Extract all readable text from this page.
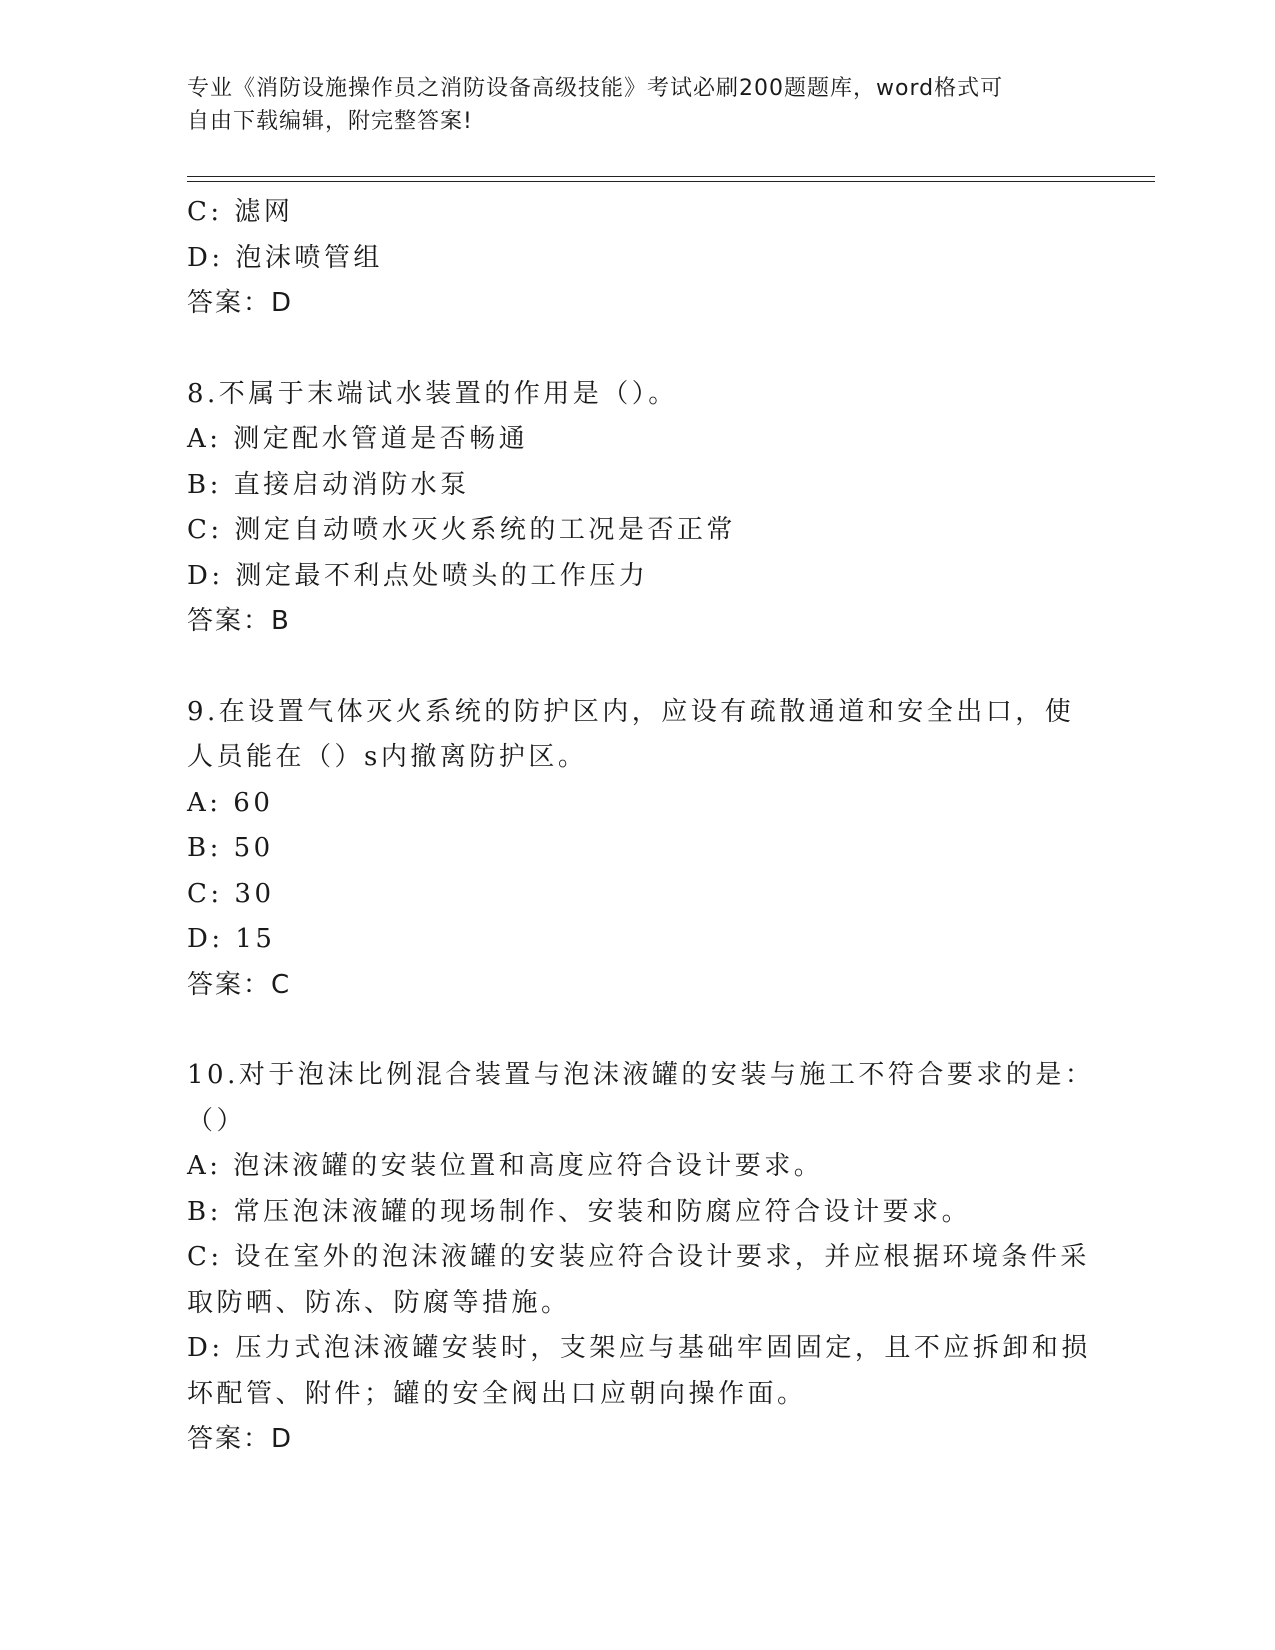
专业《消防设施操作员之消防设备高级技能》考试必刷200题题库，word格式可
自由下载编辑，附完整答案!
C: 滤网
D: 泡沫喷管组
答案：D
8.不属于末端试水装置的作用是（）。
A: 测定配水管道是否畅通
B: 直接启动消防水泵
C: 测定自动喷水灭火系统的工况是否正常
D: 测定最不利点处喷头的工作压力
答案：B
9.在设置气体灭火系统的防护区内，应设有疏散通道和安全出口，使
人员能在（）s内撤离防护区。
A: 60
B: 50
C: 30
D: 15
答案：C
10.对于泡沫比例混合装置与泡沫液罐的安装与施工不符合要求的是：
（）
A: 泡沫液罐的安装位置和高度应符合设计要求。
B: 常压泡沫液罐的现场制作、安装和防腐应符合设计要求。
C: 设在室外的泡沫液罐的安装应符合设计要求，并应根据环境条件采
取防晒、防冻、防腐等措施。
D: 压力式泡沫液罐安装时，支架应与基础牢固固定，且不应拆卸和损
坏配管、附件；罐的安全阀出口应朝向操作面。
答案：D
